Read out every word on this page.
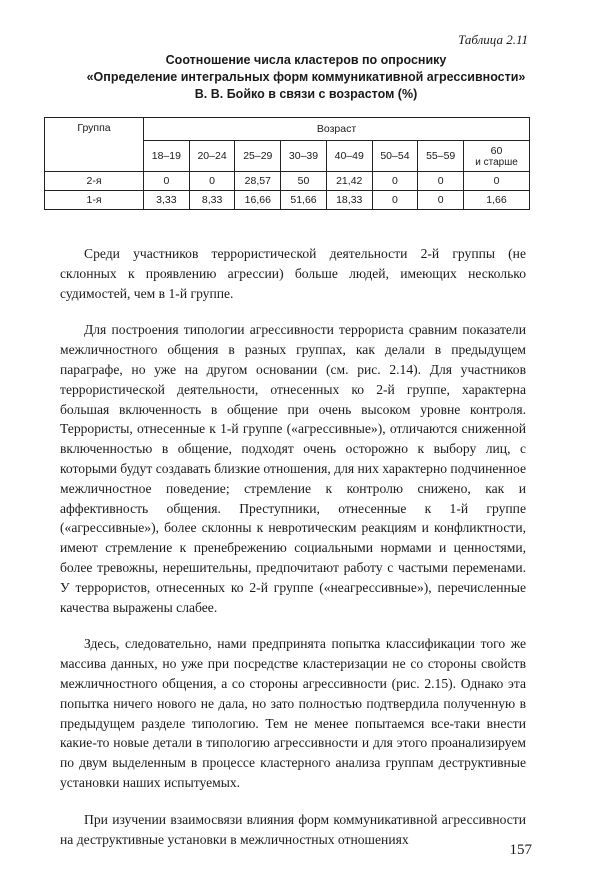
Таблица 2.11
Соотношение числа кластеров по опроснику
«Определение интегральных форм коммуникативной агрессивности»
В. В. Бойко в связи с возрастом (%)
Группа	Возраст							
	18–19	20–24	25–29	30–39	40–49	50–54	55–59	60
и старше

2-я	0	0	28,57	50	21,42	0	0	0
1-я	3,33	8,33	16,66	51,66	18,33	0	0	1,66

Среди участников террористической деятельности 2-й группы (не склонных к проявлению агрессии) больше людей, имеющих несколько судимостей, чем в 1-й группе.

Для построения типологии агрессивности террориста сравним показатели межличностного общения в разных группах, как делали в предыдущем параграфе, но уже на другом основании (см. рис. 2.14). Для участников террористической деятельности, отнесенных ко 2-й группе, характерна большая включенность в общение при очень высоком уровне контроля. Террористы, отнесенные к 1-й группе («агрессивные»), отличаются сниженной включенностью в общение, подходят очень осторожно к выбору лиц, с которыми будут создавать близкие отношения, для них характерно подчиненное межличностное поведение; стремление к контролю снижено, как и аффективность общения. Преступники, отнесенные к 1-й группе («агрессивные»), более склонны к невротическим реакциям и конфликтности, имеют стремление к пренебрежению социальными нормами и ценностями, более тревожны, нерешительны, предпочитают работу с частыми переменами. У террористов, отнесенных ко 2-й группе («неагрессивные»), перечисленные качества выражены слабее.

Здесь, следовательно, нами предпринята попытка классификации того же массива данных, но уже при посредстве кластеризации не со стороны свойств межличностного общения, а со стороны агрессивности (рис. 2.15). Однако эта попытка ничего нового не дала, но зато полностью подтвердила полученную в предыдущем разделе типологию. Тем не менее попытаемся все-таки внести какие-то новые детали в типологию агрессивности и для этого проанализируем по двум выделенным в процессе кластерного анализа группам деструктивные установки наших испытуемых.

При изучении взаимосвязи влияния форм коммуникативной агрессивности на деструктивные установки в межличностных отношениях

157
